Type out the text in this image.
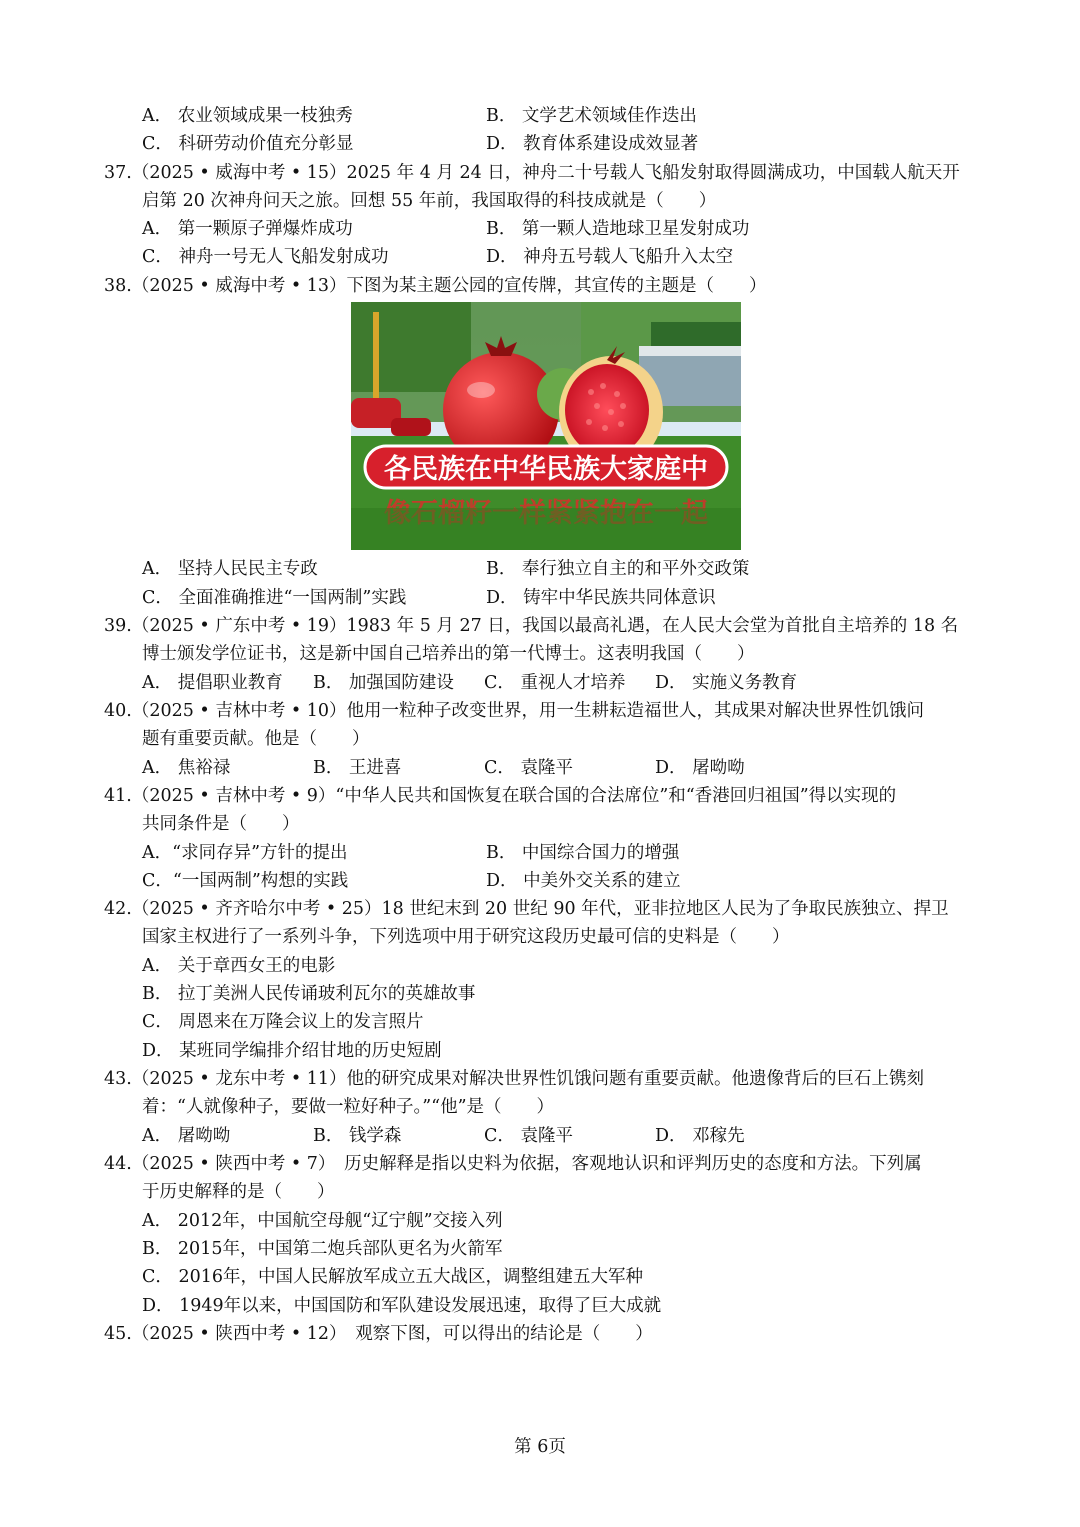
A． 农业领域成果一枝独秀	B． 文学艺术领域佳作迭出
C． 科研劳动价值充分彰显	D． 教育体系建设成效显著
37.（2025 • 威海中考 • 15）2025 年 4 月 24 日，神舟二十号载人飞船发射取得圆满成功，中国载人航天开
启第 20 次神舟问天之旅。回想 55 年前，我国取得的科技成就是（　　）
A． 第一颗原子弹爆炸成功	B． 第一颗人造地球卫星发射成功
C． 神舟一号无人飞船发射成功	D． 神舟五号载人飞船升入太空
38.（2025 • 威海中考 • 13）下图为某主题公园的宣传牌，其宣传的主题是（　　）
各民族在中华民族大家庭中
A． 坚持人民民主专政	B． 奉行独立自主的和平外交政策
C． 全面准确推进“一国两制”实践	D． 铸牢中华民族共同体意识
39.（2025 • 广东中考 • 19）1983 年 5 月 27 日，我国以最高礼遇，在人民大会堂为首批自主培养的 18 名
博士颁发学位证书，这是新中国自己培养出的第一代博士。这表明我国（　　）
A． 提倡职业教育 B． 加强国防建设 C． 重视人才培养 D． 实施义务教育
40.（2025 • 吉林中考 • 10）他用一粒种子改变世界，用一生耕耘造福世人，其成果对解决世界性饥饿问
题有重要贡献。他是（　　）
A． 焦裕禄	B． 王进喜	C． 袁隆平	D． 屠呦呦
41.（2025 • 吉林中考 • 9）“中华人民共和国恢复在联合国的合法席位”和“香港回归祖国”得以实现的
共同条件是（　　）
A．“求同存异”方针的提出	B． 中国综合国力的增强
C．“一国两制”构想的实践	D． 中美外交关系的建立
42.（2025 • 齐齐哈尔中考 • 25）18 世纪末到 20 世纪 90 年代，亚非拉地区人民为了争取民族独立、捍卫
国家主权进行了一系列斗争，下列选项中用于研究这段历史最可信的史料是（　　）
A． 关于章西女王的电影
B． 拉丁美洲人民传诵玻利瓦尔的英雄故事
C． 周恩来在万隆会议上的发言照片
D． 某班同学编排介绍甘地的历史短剧
43.（2025 • 龙东中考 • 11）他的研究成果对解决世界性饥饿问题有重要贡献。他遗像背后的巨石上镌刻
着：“人就像种子，要做一粒好种子。”“他”是（　　）
A． 屠呦呦	B． 钱学森	C． 袁隆平	D． 邓稼先
44.（2025 • 陕西中考 • 7）　历史解释是指以史料为依据，客观地认识和评判历史的态度和方法。下列属
于历史解释的是（　　）
A． 2012年，中国航空母舰“辽宁舰”交接入列
B． 2015年，中国第二炮兵部队更名为火箭军
C． 2016年，中国人民解放军成立五大战区，调整组建五大军种
D． 1949年以来，中国国防和军队建设发展迅速，取得了巨大成就
45.（2025 • 陕西中考 • 12）　观察下图，可以得出的结论是（　　）
第 6页
